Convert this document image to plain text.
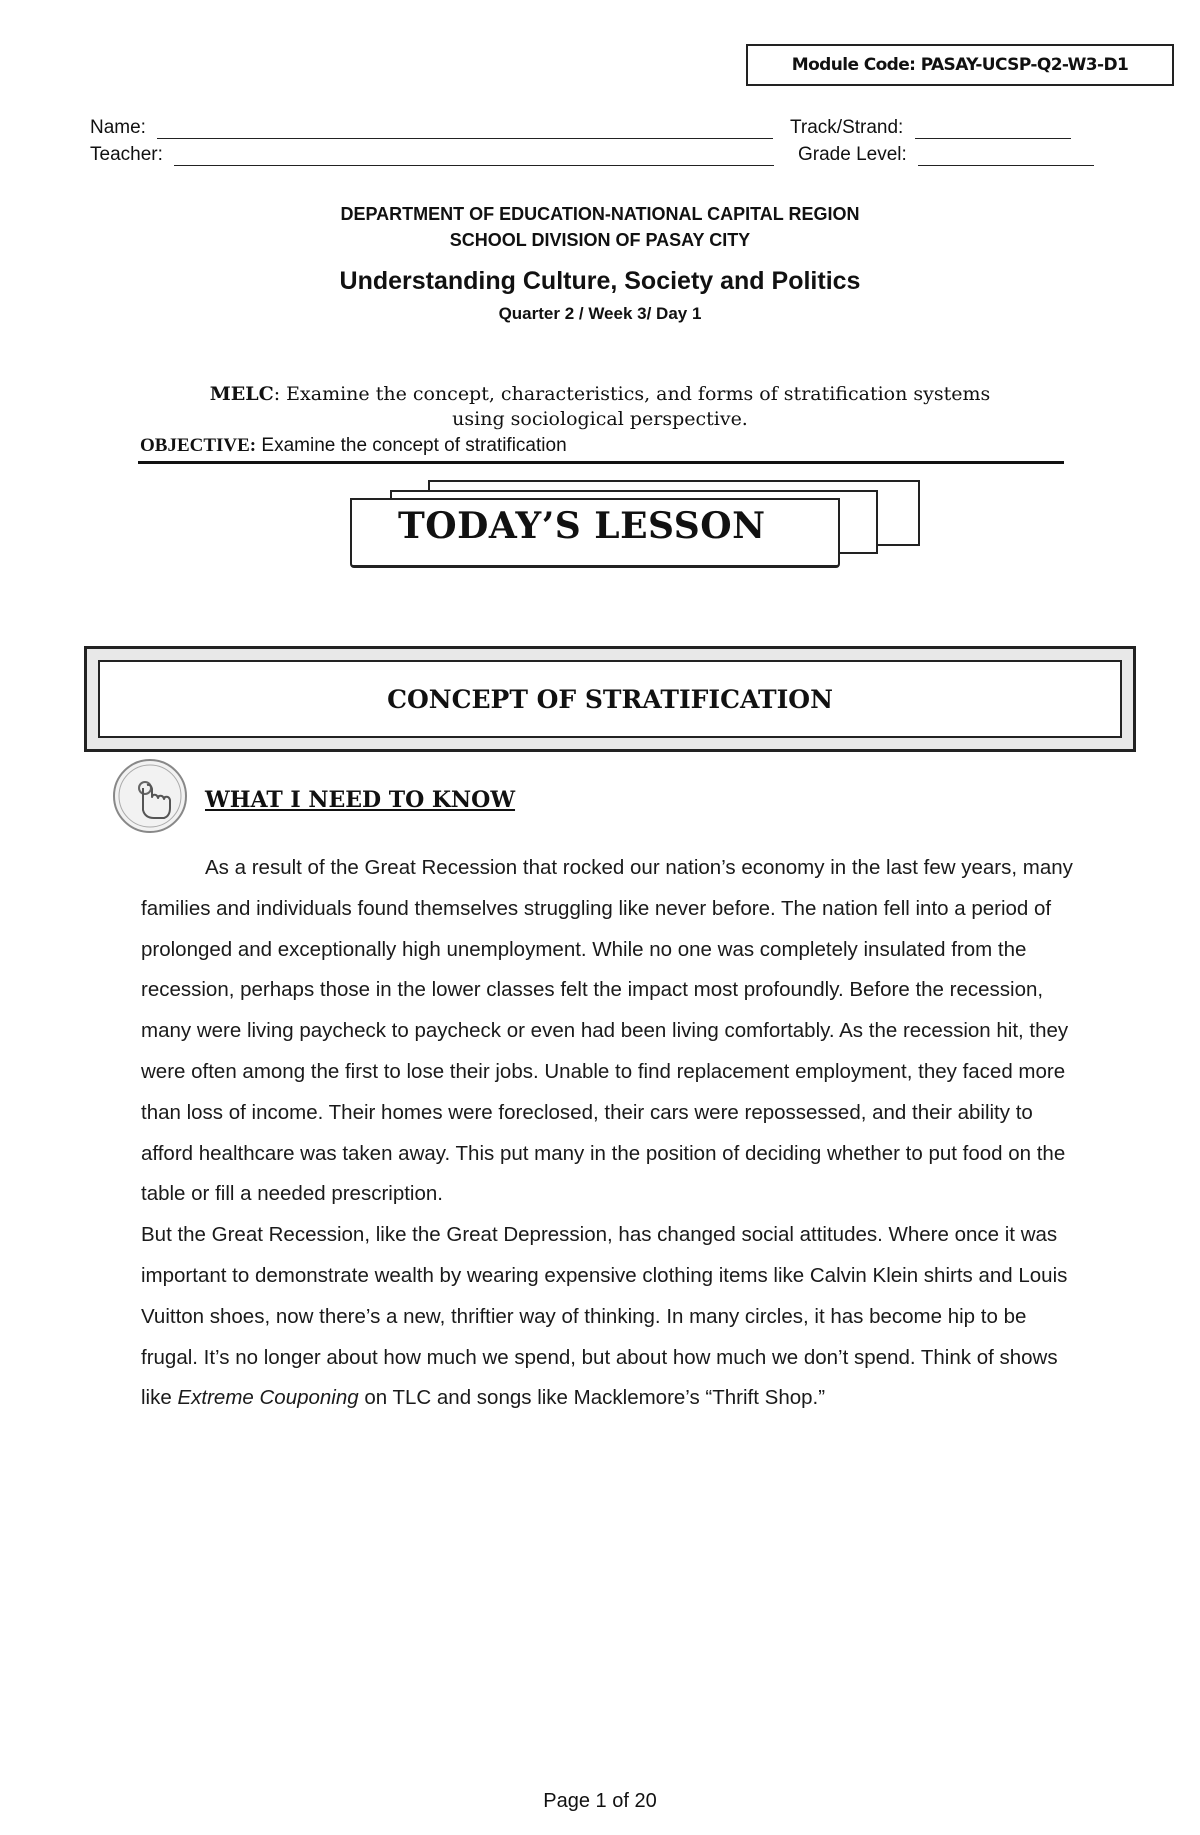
Module Code: PASAY-UCSP-Q2-W3-D1
Name:	Track/Strand:
Teacher:	Grade Level:
DEPARTMENT OF EDUCATION-NATIONAL CAPITAL REGION
SCHOOL DIVISION OF PASAY CITY
Understanding Culture, Society and Politics
Quarter 2 / Week 3/ Day 1
MELC: Examine the concept, characteristics, and forms of stratification systems
using sociological perspective.
OBJECTIVE: Examine the concept of stratification
TODAY’S LESSON
CONCEPT OF STRATIFICATION
WHAT I NEED TO KNOW

As a result of the Great Recession that rocked our nation’s economy in the last few years, many families and individuals found themselves struggling like never before. The nation fell into a period of prolonged and exceptionally high unemployment. While no one was completely insulated from the recession, perhaps those in the lower classes felt the impact most profoundly. Before the recession, many were living paycheck to paycheck or even had been living comfortably. As the recession hit, they were often among the first to lose their jobs. Unable to find replacement employment, they faced more than loss of income. Their homes were foreclosed, their cars were repossessed, and their ability to afford healthcare was taken away. This put many in the position of deciding whether to put food on the table or fill a needed prescription.

But the Great Recession, like the Great Depression, has changed social attitudes. Where once it was important to demonstrate wealth by wearing expensive clothing items like Calvin Klein shirts and Louis Vuitton shoes, now there’s a new, thriftier way of thinking. In many circles, it has become hip to be frugal. It’s no longer about how much we spend, but about how much we don’t spend. Think of shows like Extreme Couponing on TLC and songs like Macklemore’s “Thrift Shop.”

Page 1 of 20
